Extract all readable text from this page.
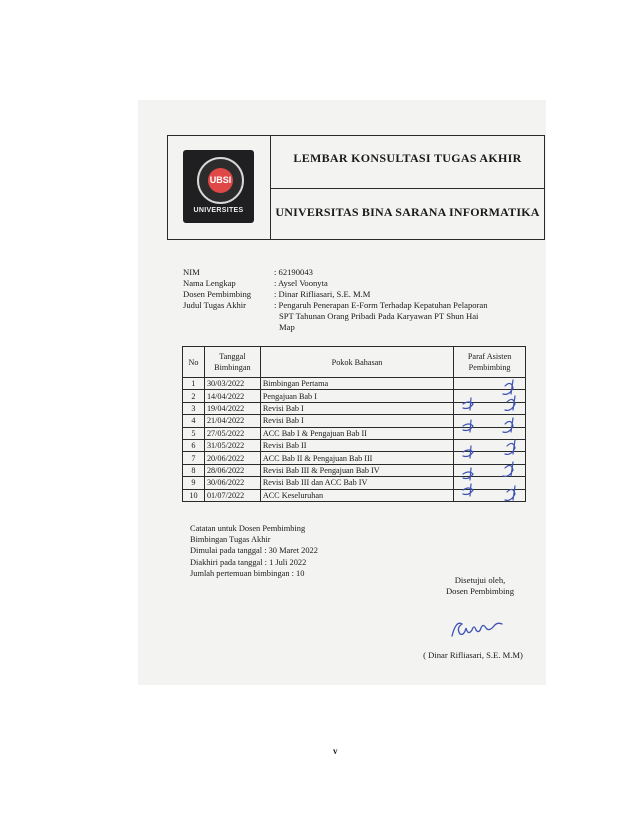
UBSI
UNIVERSITES
LEMBAR KONSULTASI TUGAS AKHIR
UNIVERSITAS BINA SARANA INFORMATIKA
NIM	: 62190043
Nama Lengkap	: Aysel Voonyta
Dosen Pembimbing	: Dinar Rifliasari, S.E. M.M
Judul Tugas Akhir	: Pengaruh Penerapan E-Form Terhadap Kepatuhan Pelaporan
SPT Tahunan Orang Pribadi Pada Karyawan PT Shun Hai
Map
No	Tanggal Bimbingan	Pokok Bahasan	Paraf Asisten Pembimbing
1	30/03/2022	Bimbingan Pertama	
2	14/04/2022	Pengajuan Bab I	
3	19/04/2022	Revisi Bab I	
4	21/04/2022	Revisi Bab I	
5	27/05/2022	ACC Bab I & Pengajuan Bab II	
6	31/05/2022	Revisi Bab II	
7	20/06/2022	ACC Bab II & Pengajuan Bab III	
8	28/06/2022	Revisi Bab III & Pengajuan Bab IV	
9	30/06/2022	Revisi Bab III dan ACC Bab IV	
10	01/07/2022	ACC Keseluruhan	
Catatan untuk Dosen Pembimbing
Bimbingan Tugas Akhir
Dimulai pada tanggal : 30 Maret 2022
Diakhiri pada tanggal : 1 Juli 2022
Jumlah pertemuan bimbingan : 10
Disetujui oleh,
Dosen Pembimbing
( Dinar Rifliasari, S.E. M.M)
v
